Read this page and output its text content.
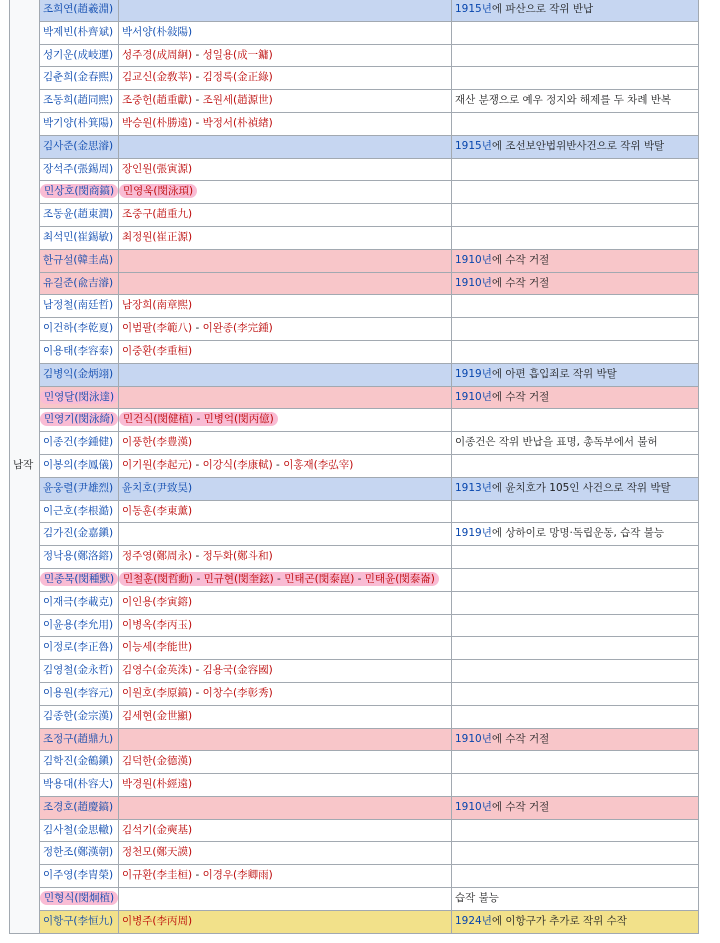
남작	조희연(趙羲淵)		1915년에 파산으로 작위 반납
	박제빈(朴齊斌)	박서양(朴敍陽)	
	성기운(成岐運)	성주경(成周絅) - 성일용(成一鏞)	
	김춘희(金春熙)	김교신(金敎莘) - 김정록(金正綠)	
	조동희(趙同熙)	조중헌(趙重獻) - 조원세(趙源世)	재산 분쟁으로 예우 정지와 해제를 두 차례 반복
	박기양(朴箕陽)	박승원(朴勝遠) - 박정서(朴禎緖)	
	김사준(金思濬)		1915년에 조선보안법위반사건으로 작위 박탈
	장석주(張錫周)	장인원(張寅源)	
	민상호(閔商鎬)	민영욱(閔泳頊)	
	조동윤(趙東潤)	조중구(趙重九)	
	최석민(崔錫敏)	최정원(崔正源)	
	한규설(韓圭卨)		1910년에 수작 거절
	유길준(兪吉濬)		1910년에 수작 거절
	남정철(南廷哲)	남장희(南章熙)	
	이건하(李乾夏)	이범팔(李範八) - 이완종(李完鍾)	
	이용태(李容泰)	이중환(李重桓)	
	김병익(金炳翊)		1919년에 아편 흡입죄로 작위 박탈
	민영달(閔泳達)		1910년에 수작 거절
	민영기(閔泳綺)	민건식(閔健植) - 민병억(閔丙億)	
	이종건(李鍾健)	이풍한(李豊漢)	이종건은 작위 반납을 표명, 총독부에서 불허
	이봉의(李鳳儀)	이기원(李起元) - 이강식(李康軾) - 이홍재(李弘宰)	
	윤웅렬(尹雄烈)	윤치호(尹致昊)	1913년에 윤치호가 105인 사건으로 작위 박탈
	이근호(李根澔)	이동훈(李東薰)	
	김가진(金嘉鎭)		1919년에 상하이로 망명·독립운동, 습작 불능
	정낙용(鄭洛鎔)	정주영(鄭周永) - 정두화(鄭斗和)	
	민종묵(閔種默)	민철훈(閔哲勳) - 민규현(閔奎鉉) - 민태곤(閔泰崑) - 민태윤(閔泰崙)	
	이재극(李載克)	이인용(李寅鎔)	
	이윤용(李允用)	이병옥(李丙玉)	
	이정로(李正魯)	이능세(李能世)	
	김영철(金永哲)	김영수(金英洙) - 김용국(金容國)	
	이용원(李容元)	이원호(李原鎬) - 이창수(李彰秀)	
	김종한(金宗漢)	김세현(金世顯)	
	조정구(趙鼎九)		1910년에 수작 거절
	김학진(金鶴鎭)	김덕한(金德漢)	
	박용대(朴容大)	박경원(朴經遠)	
	조경호(趙慶鎬)		1910년에 수작 거절
	김사철(金思轍)	김석기(金奭基)	
	정한조(鄭漢朝)	정천모(鄭天謨)	
	이주영(李胄榮)	이규환(李圭桓) - 이경우(李卿雨)	
	민형식(閔炯植)		습작 불능
	이항구(李恒九)	이병주(李丙周)	1924년에 이항구가 추가로 작위 수작
